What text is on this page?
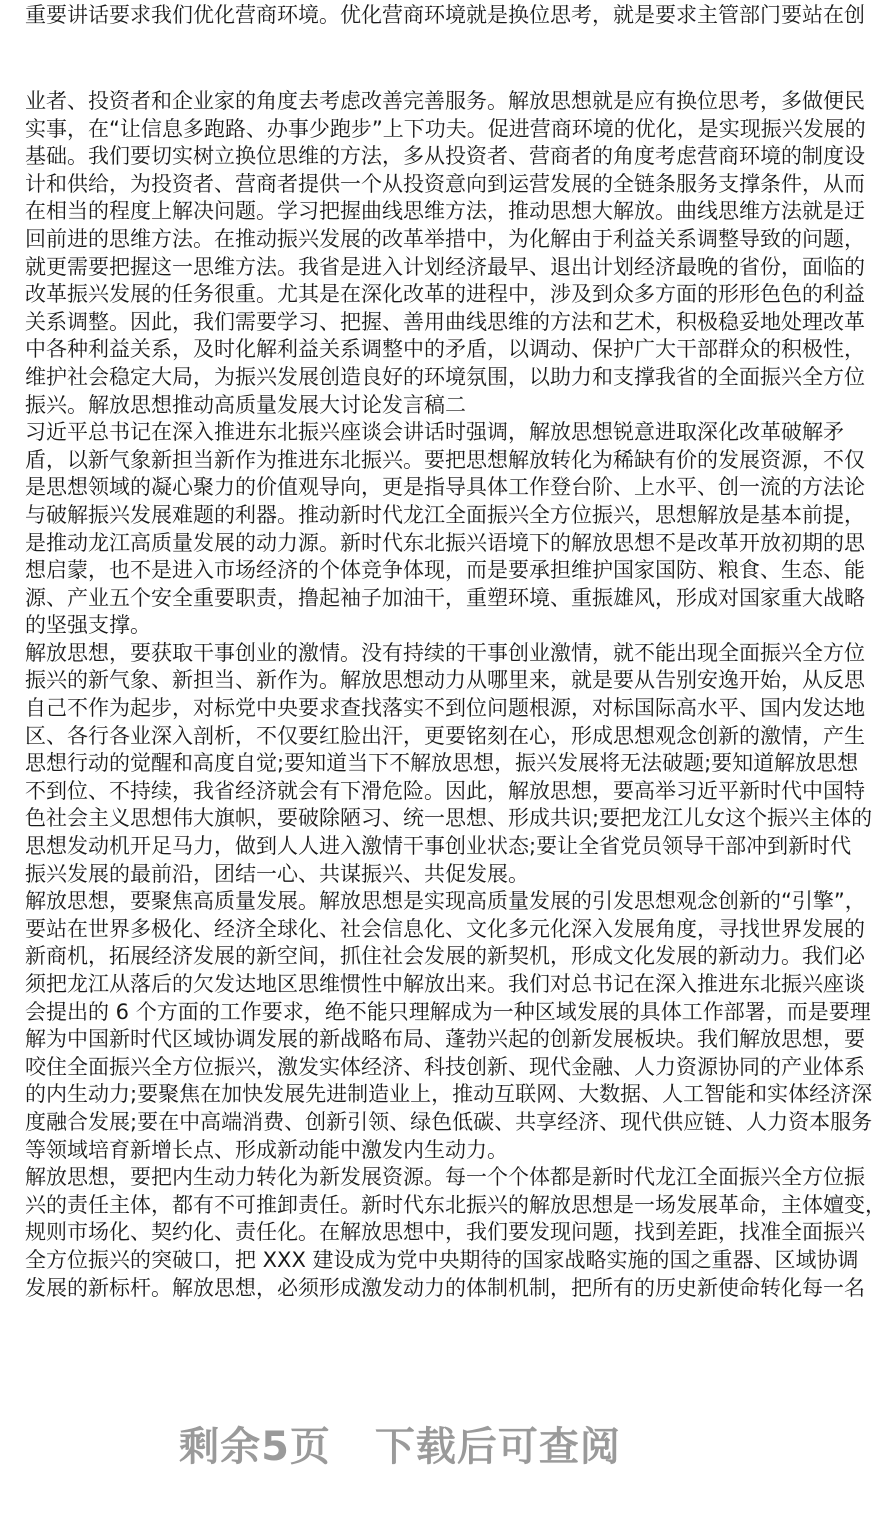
重要讲话要求我们优化营商环境。优化营商环境就是换位思考，就是要求主管部门要站在创
业者、投资者和企业家的角度去考虑改善完善服务。解放思想就是应有换位思考，多做便民
实事，在“让信息多跑路、办事少跑步”上下功夫。促进营商环境的优化，是实现振兴发展的
基础。我们要切实树立换位思维的方法，多从投资者、营商者的角度考虑营商环境的制度设
计和供给，为投资者、营商者提供一个从投资意向到运营发展的全链条服务支撑条件，从而
在相当的程度上解决问题。学习把握曲线思维方法，推动思想大解放。曲线思维方法就是迂
回前进的思维方法。在推动振兴发展的改革举措中，为化解由于利益关系调整导致的问题，
就更需要把握这一思维方法。我省是进入计划经济最早、退出计划经济最晚的省份，面临的
改革振兴发展的任务很重。尤其是在深化改革的进程中，涉及到众多方面的形形色色的利益
关系调整。因此，我们需要学习、把握、善用曲线思维的方法和艺术，积极稳妥地处理改革
中各种利益关系，及时化解利益关系调整中的矛盾，以调动、保护广大干部群众的积极性，
维护社会稳定大局，为振兴发展创造良好的环境氛围，以助力和支撑我省的全面振兴全方位
振兴。解放思想推动高质量发展大讨论发言稿二
习近平总书记在深入推进东北振兴座谈会讲话时强调，解放思想锐意进取深化改革破解矛
盾，以新气象新担当新作为推进东北振兴。要把思想解放转化为稀缺有价的发展资源，不仅
是思想领域的凝心聚力的价值观导向，更是指导具体工作登台阶、上水平、创一流的方法论
与破解振兴发展难题的利器。推动新时代龙江全面振兴全方位振兴，思想解放是基本前提，
是推动龙江高质量发展的动力源。新时代东北振兴语境下的解放思想不是改革开放初期的思
想启蒙，也不是进入市场经济的个体竞争体现，而是要承担维护国家国防、粮食、生态、能
源、产业五个安全重要职责，撸起袖子加油干，重塑环境、重振雄风，形成对国家重大战略
的坚强支撑。
解放思想，要获取干事创业的激情。没有持续的干事创业激情，就不能出现全面振兴全方位
振兴的新气象、新担当、新作为。解放思想动力从哪里来，就是要从告别安逸开始，从反思
自己不作为起步，对标党中央要求查找落实不到位问题根源，对标国际高水平、国内发达地
区、各行各业深入剖析，不仅要红脸出汗，更要铭刻在心，形成思想观念创新的激情，产生
思想行动的觉醒和高度自觉;要知道当下不解放思想，振兴发展将无法破题;要知道解放思想
不到位、不持续，我省经济就会有下滑危险。因此，解放思想，要高举习近平新时代中国特
色社会主义思想伟大旗帜，要破除陋习、统一思想、形成共识;要把龙江儿女这个振兴主体的
思想发动机开足马力，做到人人进入激情干事创业状态;要让全省党员领导干部冲到新时代
振兴发展的最前沿，团结一心、共谋振兴、共促发展。
解放思想，要聚焦高质量发展。解放思想是实现高质量发展的引发思想观念创新的“引擎”，
要站在世界多极化、经济全球化、社会信息化、文化多元化深入发展角度，寻找世界发展的
新商机，拓展经济发展的新空间，抓住社会发展的新契机，形成文化发展的新动力。我们必
须把龙江从落后的欠发达地区思维惯性中解放出来。我们对总书记在深入推进东北振兴座谈
会提出的 6 个方面的工作要求，绝不能只理解成为一种区域发展的具体工作部署，而是要理
解为中国新时代区域协调发展的新战略布局、蓬勃兴起的创新发展板块。我们解放思想，要
咬住全面振兴全方位振兴，激发实体经济、科技创新、现代金融、人力资源协同的产业体系
的内生动力;要聚焦在加快发展先进制造业上，推动互联网、大数据、人工智能和实体经济深
度融合发展;要在中高端消费、创新引领、绿色低碳、共享经济、现代供应链、人力资本服务
等领域培育新增长点、形成新动能中激发内生动力。
解放思想，要把内生动力转化为新发展资源。每一个个体都是新时代龙江全面振兴全方位振
兴的责任主体，都有不可推卸责任。新时代东北振兴的解放思想是一场发展革命，主体嬗变，
规则市场化、契约化、责任化。在解放思想中，我们要发现问题，找到差距，找准全面振兴
全方位振兴的突破口，把 XXX 建设成为党中央期待的国家战略实施的国之重器、区域协调
发展的新标杆。解放思想，必须形成激发动力的体制机制，把所有的历史新使命转化每一名
剩余5页 下载后可查阅
